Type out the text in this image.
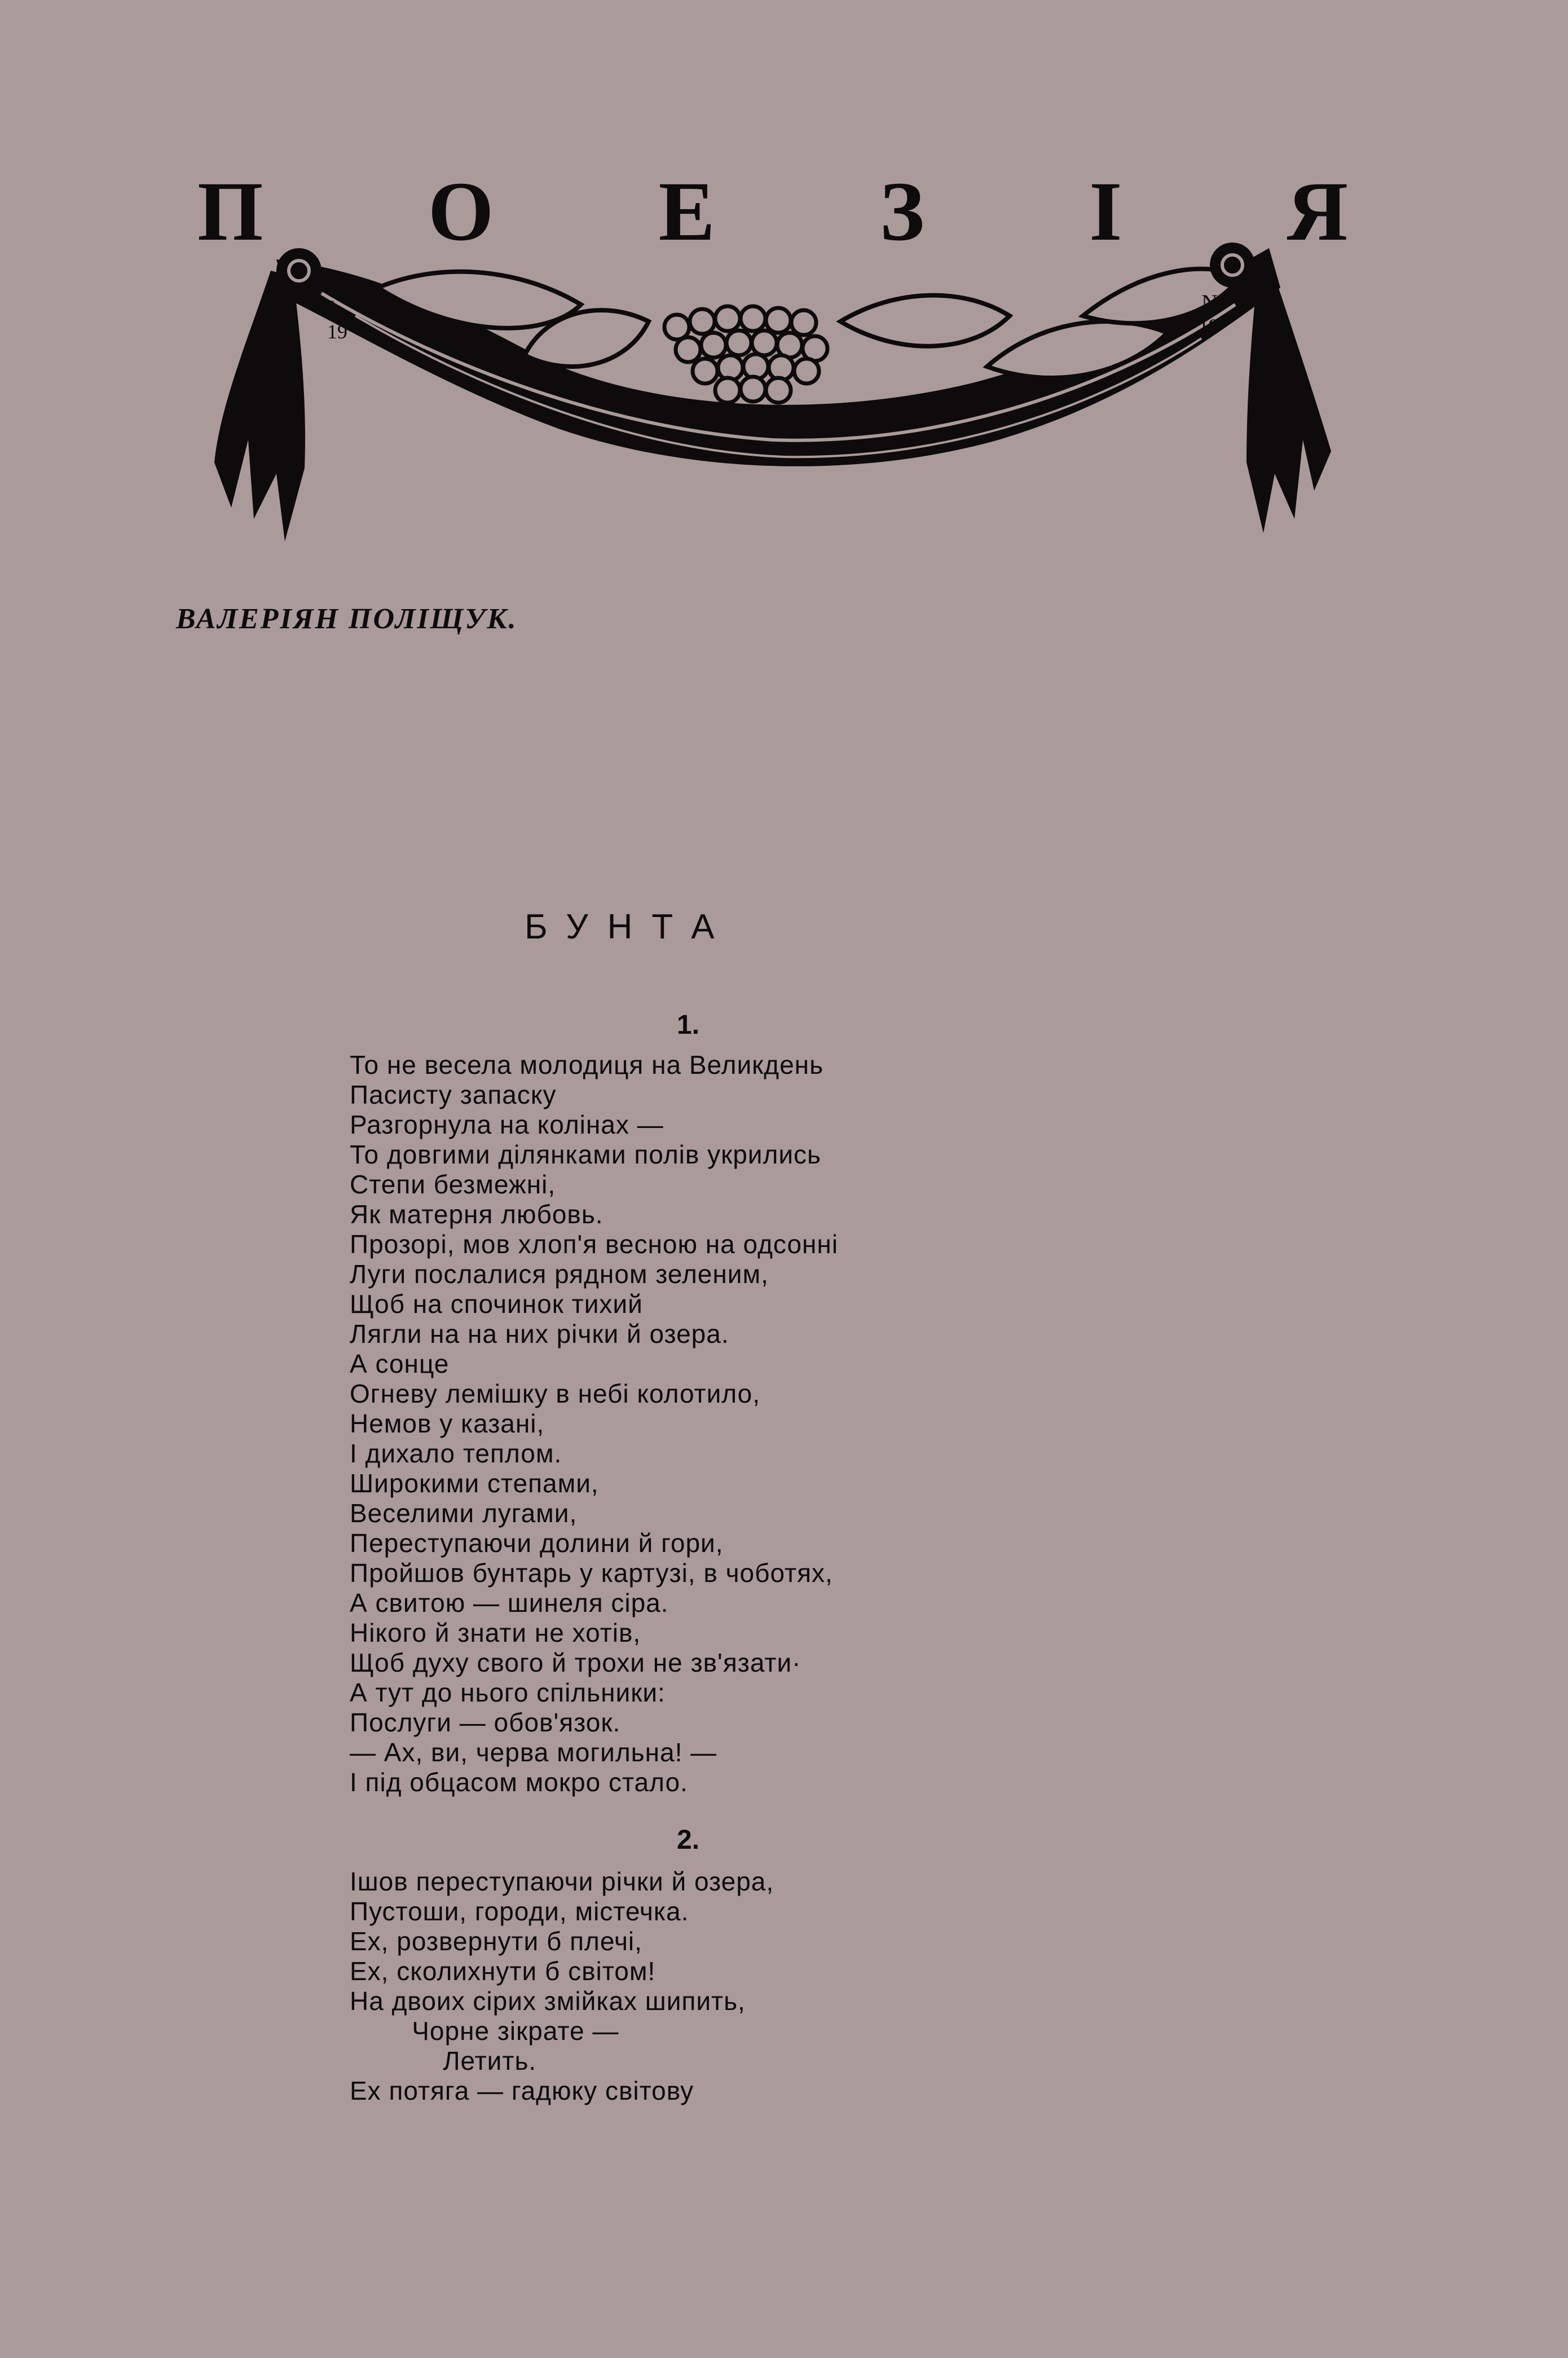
П О Е З І Я
Г.
19
N
19
ВАЛЕРІЯН ПОЛІЩУК.
БУНТА
1.
То не весела молодиця на Великдень
Пасисту запаску
Разгорнула на колінах —
То довгими ділянками полів укрились
Степи безмежні,
Як матерня любовь.
Прозорі, мов хлоп'я весною на одсонні
Луги послалися рядном зеленим,
Щоб на спочинок тихий
Лягли на на них річки й озера.
А сонце
Огневу лемішку в небі колотило,
Немов у казані,
І дихало теплом.
Широкими степами,
Веселими лугами,
Переступаючи долини й гори,
Пройшов бунтарь у картузі, в чоботях,
А свитою — шинеля сіра.
Нікого й знати не хотів,
Щоб духу свого й трохи не зв'язати·
А тут до нього спільники:
Послуги — обов'язок.
— Ах, ви, черва могильна! —
І під обцасом мокро стало.
2.
Ішов переступаючи річки й озера,
Пустоши, городи, містечка.
Ех, розвернути б плечі,
Ех, сколихнути б світом!
На двоих сірих змійках шипить,
Чорне зікрате —
Летить.
Ех потяга — гадюку світову
